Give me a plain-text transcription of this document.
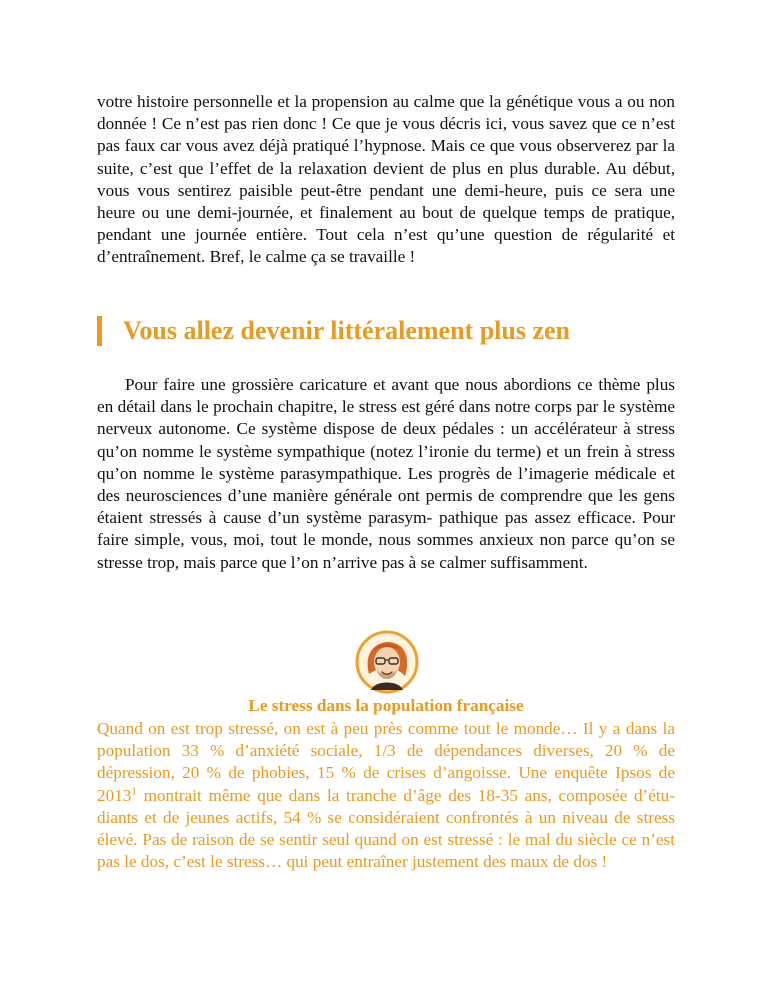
votre histoire personnelle et la propension au calme que la génétique vous a ou non donnée ! Ce n’est pas rien donc ! Ce que je vous décris ici, vous savez que ce n’est pas faux car vous avez déjà pratiqué l’hypnose. Mais ce que vous observerez par la suite, c’est que l’effet de la relaxation devient de plus en plus durable. Au début, vous vous sentirez paisible peut-être pendant une demi-heure, puis ce sera une heure ou une demi-journée, et finalement au bout de quelque temps de pratique, pendant une journée entière. Tout cela n’est qu’une question de régularité et d’entraînement. Bref, le calme ça se travaille !

Vous allez devenir littéralement plus zen

Pour faire une grossière caricature et avant que nous abordions ce thème plus en détail dans le prochain chapitre, le stress est géré dans notre corps par le système nerveux autonome. Ce système dispose de deux pédales : un accélérateur à stress qu’on nomme le système sympathique (notez l’ironie du terme) et un frein à stress qu’on nomme le système parasympathique. Les progrès de l’imagerie médicale et des neurosciences d’une manière générale ont permis de comprendre que les gens étaient stressés à cause d’un système parasym- pathique pas assez efficace. Pour faire simple, vous, moi, tout le monde, nous sommes anxieux non parce qu’on se stresse trop, mais parce que l’on n’arrive pas à se calmer suffisamment.

Le stress dans la population française

Quand on est trop stressé, on est à peu près comme tout le monde… Il y a dans la population 33 % d’anxiété sociale, 1/3 de dépendances diverses, 20 % de dépression, 20 % de phobies, 15 % de crises d’angoisse. Une enquête Ipsos de 2013$^1$ montrait même que dans la tranche d’âge des 18-35 ans, composée d’étu- diants et de jeunes actifs, 54 % se considéraient confrontés à un niveau de stress élevé. Pas de raison de se sentir seul quand on est stressé : le mal du siècle ce n’est pas le dos, c’est le stress… qui peut entraîner justement des maux de dos !
